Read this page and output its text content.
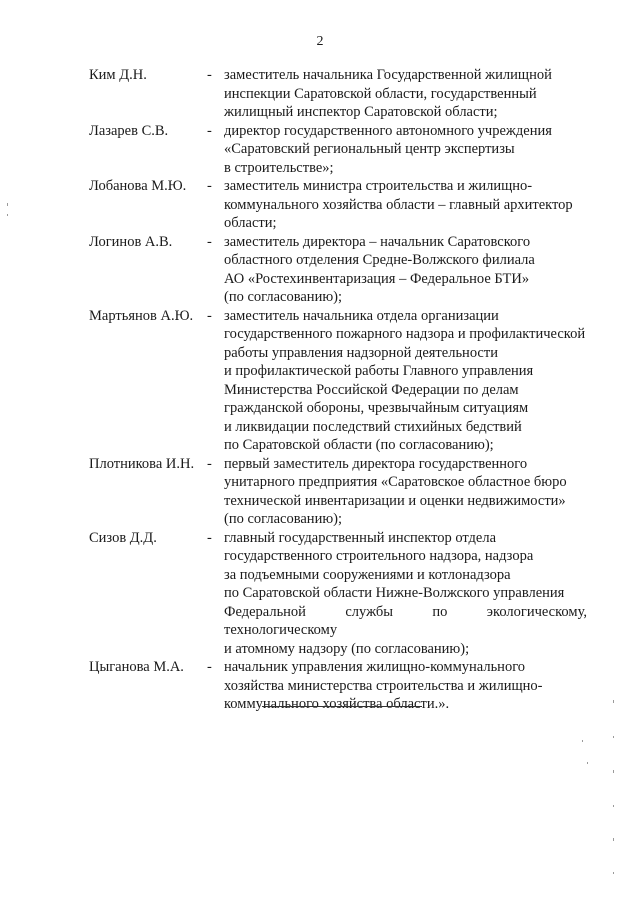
2
Ким Д.Н.	- заместитель начальника Государственной жилищной
инспекции Саратовской области, государственный
жилищный инспектор Саратовской области;
Лазарев С.В.	- директор государственного автономного учреждения
«Саратовский региональный центр экспертизы
в строительстве»;
Лобанова М.Ю. - заместитель министра строительства и жилищно-
коммунального хозяйства области – главный архитектор
области;
Логинов А.В. - заместитель директора – начальник Саратовского
областного отделения Средне-Волжского филиала
АО «Ростехинвентаризация – Федеральное БТИ»
(по согласованию);
Мартьянов А.Ю. - заместитель начальника отдела организации
государственного пожарного надзора и профилактической
работы управления надзорной деятельности
и профилактической работы Главного управления
Министерства Российской Федерации по делам
гражданской обороны, чрезвычайным ситуациям
и ликвидации последствий стихийных бедствий
по Саратовской области (по согласованию);
Плотникова И.Н. - первый заместитель директора государственного
унитарного предприятия «Саратовское областное бюро
технической инвентаризации и оценки недвижимости»
(по согласованию);
Сизов Д.Д.	- главный государственный инспектор отдела
государственного строительного надзора, надзора
за подъемными сооружениями и котлонадзора
по Саратовской области Нижне-Волжского управления
Федеральной службы по экологическому, технологическому
и атомному надзору (по согласованию);
Цыганова М.А. - начальник управления жилищно-коммунального
хозяйства министерства строительства и жилищно-
коммунального хозяйства области.».
